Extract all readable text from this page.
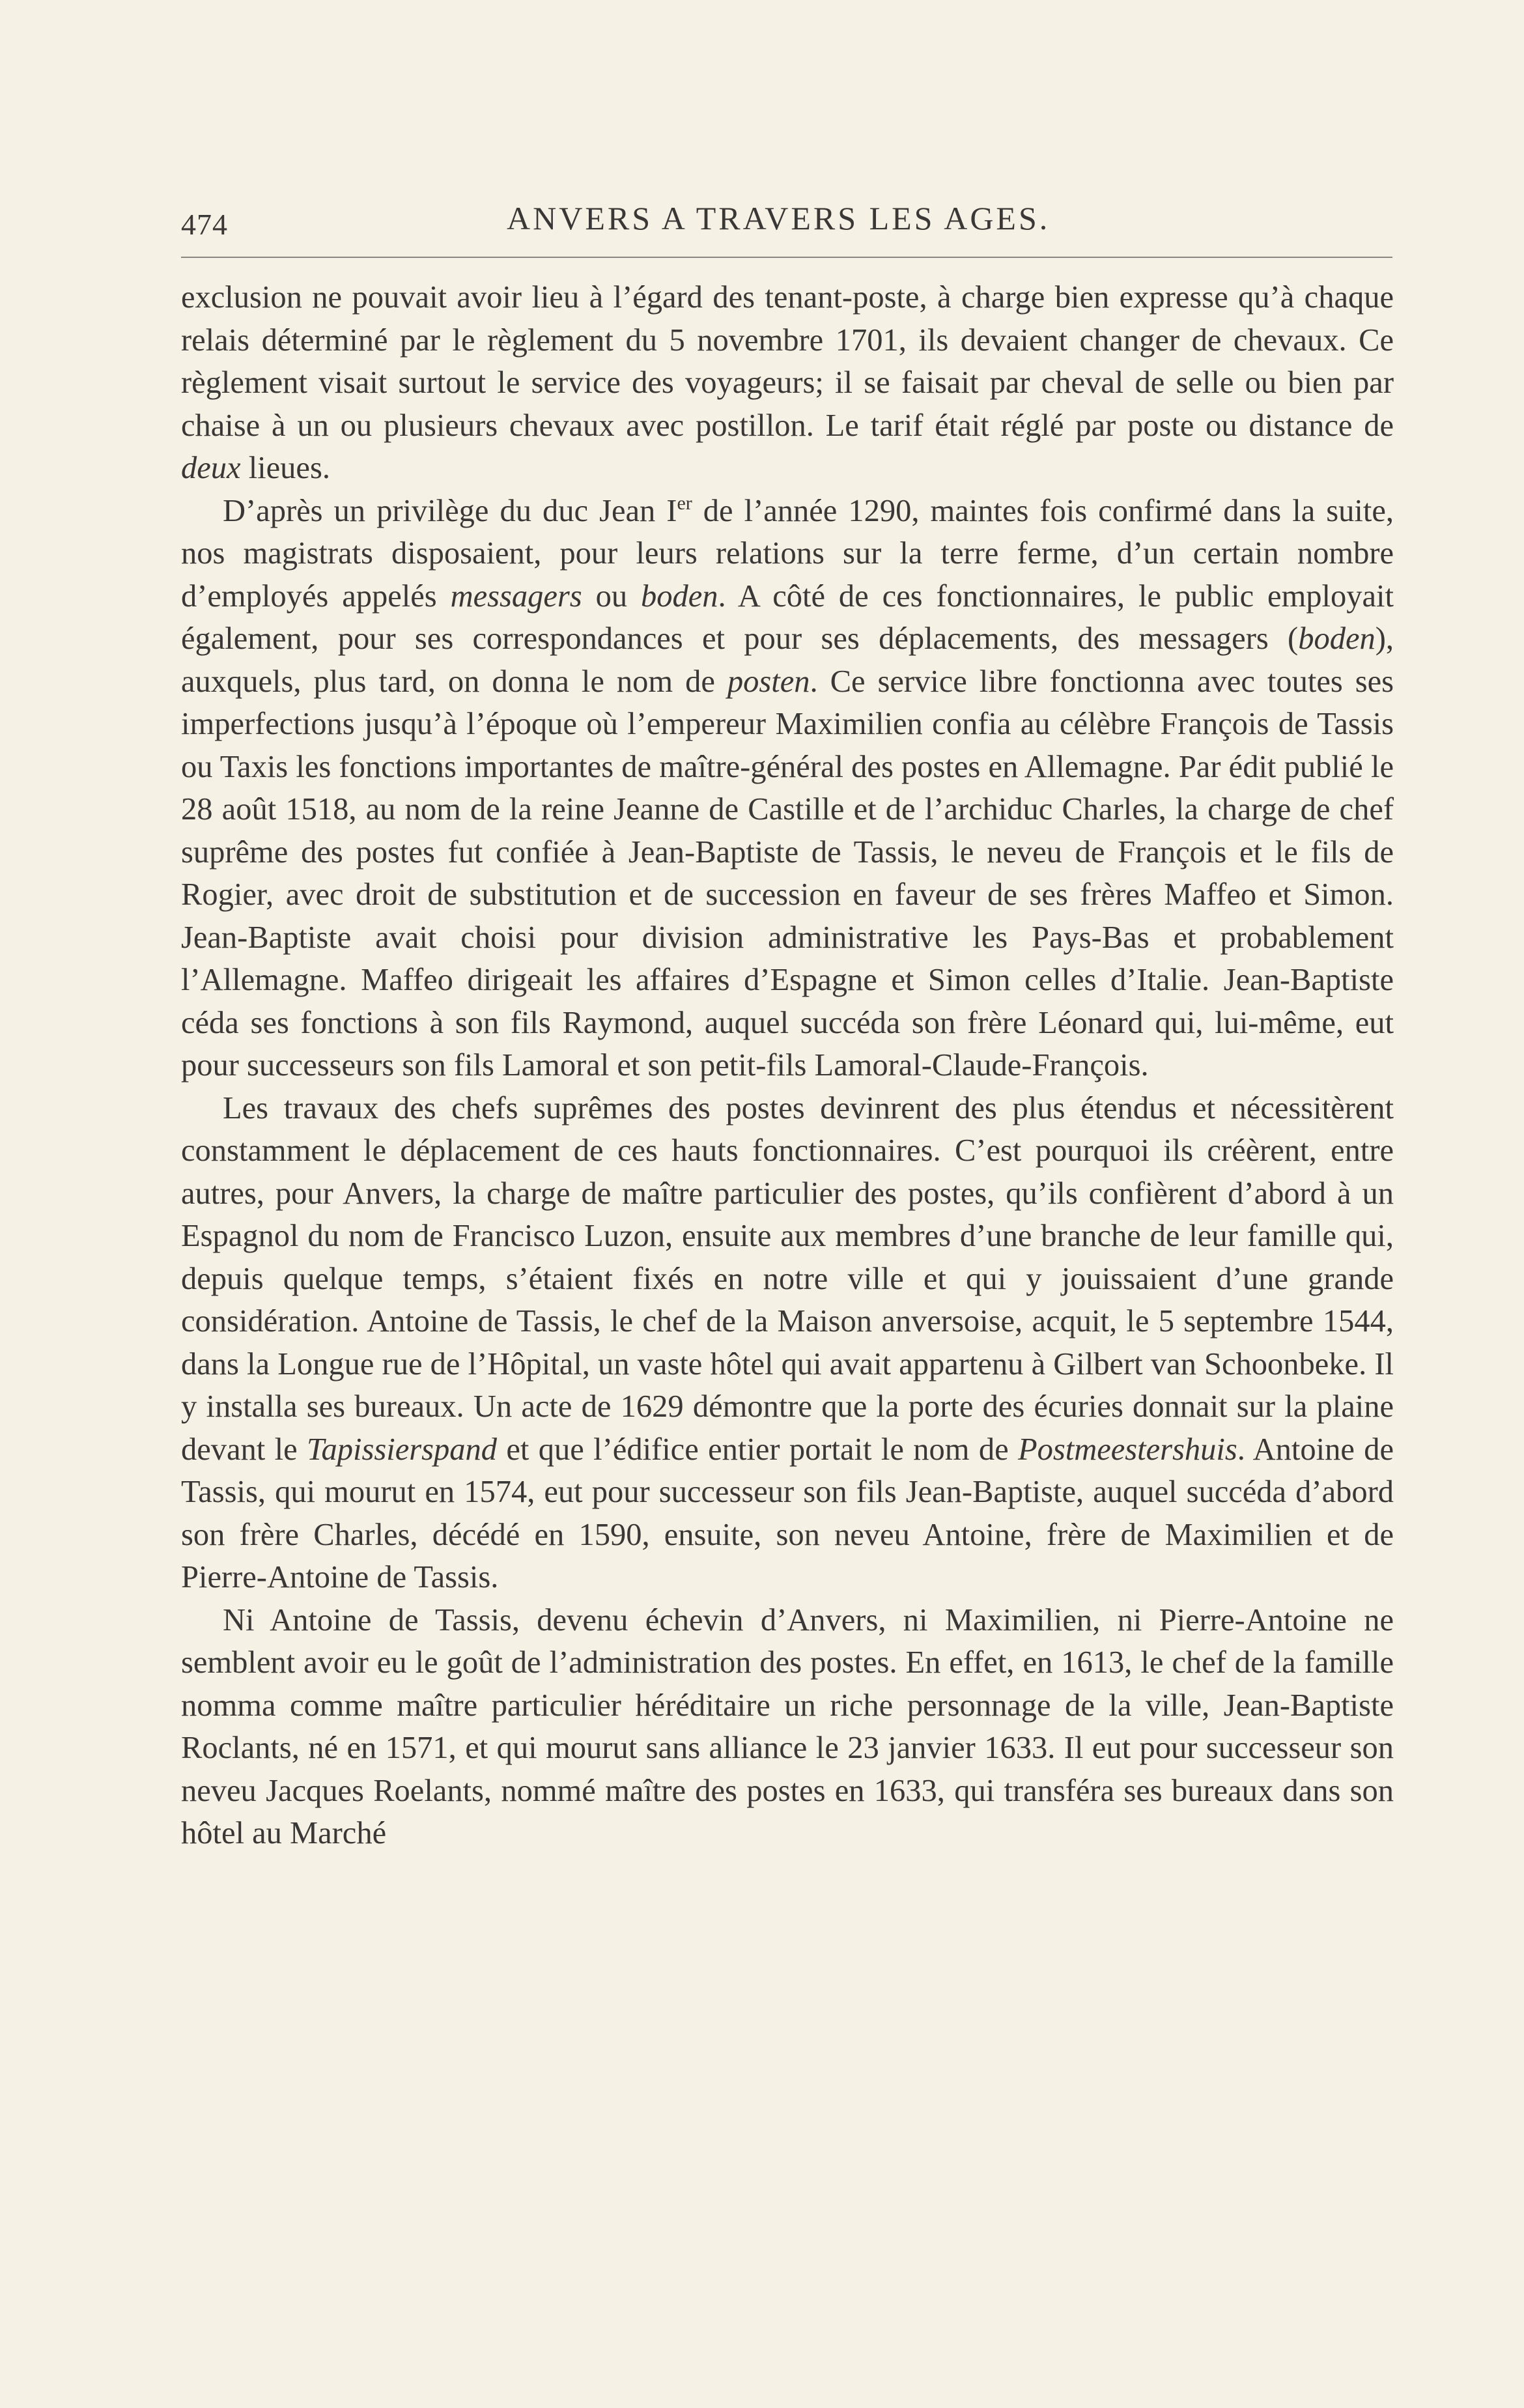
474	ANVERS A TRAVERS LES AGES.

exclusion ne pouvait avoir lieu à l’égard des tenant-poste, à charge bien expresse qu’à chaque relais déterminé par le règlement du 5 novembre 1701, ils devaient changer de chevaux. Ce règlement visait surtout le service des voyageurs; il se faisait par cheval de selle ou bien par chaise à un ou plusieurs chevaux avec postillon. Le tarif était réglé par poste ou distance de deux lieues.

D’après un privilège du duc Jean Ier de l’année 1290, maintes fois confirmé dans la suite, nos magistrats disposaient, pour leurs relations sur la terre ferme, d’un certain nombre d’employés appelés messagers ou boden. A côté de ces fonctionnaires, le public employait également, pour ses correspondances et pour ses déplacements, des messagers (boden), auxquels, plus tard, on donna le nom de posten. Ce service libre fonctionna avec toutes ses imperfections jusqu’à l’époque où l’empereur Maximilien confia au célèbre François de Tassis ou Taxis les fonctions importantes de maître-général des postes en Allemagne. Par édit publié le 28 août 1518, au nom de la reine Jeanne de Castille et de l’archiduc Charles, la charge de chef suprême des postes fut confiée à Jean-Baptiste de Tassis, le neveu de François et le fils de Rogier, avec droit de substitution et de succession en faveur de ses frères Maffeo et Simon. Jean-Baptiste avait choisi pour division administrative les Pays-Bas et probablement l’Allemagne. Maffeo dirigeait les affaires d’Espagne et Simon celles d’Italie. Jean-Baptiste céda ses fonctions à son fils Raymond, auquel succéda son frère Léonard qui, lui-même, eut pour successeurs son fils Lamoral et son petit-fils Lamoral-Claude-François.

Les travaux des chefs suprêmes des postes devinrent des plus étendus et nécessitèrent constamment le déplacement de ces hauts fonctionnaires. C’est pourquoi ils créèrent, entre autres, pour Anvers, la charge de maître particulier des postes, qu’ils confièrent d’abord à un Espagnol du nom de Francisco Luzon, ensuite aux membres d’une branche de leur famille qui, depuis quelque temps, s’étaient fixés en notre ville et qui y jouissaient d’une grande considération. Antoine de Tassis, le chef de la Maison anversoise, acquit, le 5 septembre 1544, dans la Longue rue de l’Hôpital, un vaste hôtel qui avait appartenu à Gilbert van Schoonbeke. Il y installa ses bureaux. Un acte de 1629 démontre que la porte des écuries donnait sur la plaine devant le Tapissierspand et que l’édifice entier portait le nom de Postmeestershuis. Antoine de Tassis, qui mourut en 1574, eut pour successeur son fils Jean-Baptiste, auquel succéda d’abord son frère Charles, décédé en 1590, ensuite, son neveu Antoine, frère de Maximilien et de Pierre-Antoine de Tassis.

Ni Antoine de Tassis, devenu échevin d’Anvers, ni Maximilien, ni Pierre-Antoine ne semblent avoir eu le goût de l’administration des postes. En effet, en 1613, le chef de la famille nomma comme maître particulier héréditaire un riche personnage de la ville, Jean-Baptiste Roclants, né en 1571, et qui mourut sans alliance le 23 janvier 1633. Il eut pour successeur son neveu Jacques Roelants, nommé maître des postes en 1633, qui transféra ses bureaux dans son hôtel au Marché
